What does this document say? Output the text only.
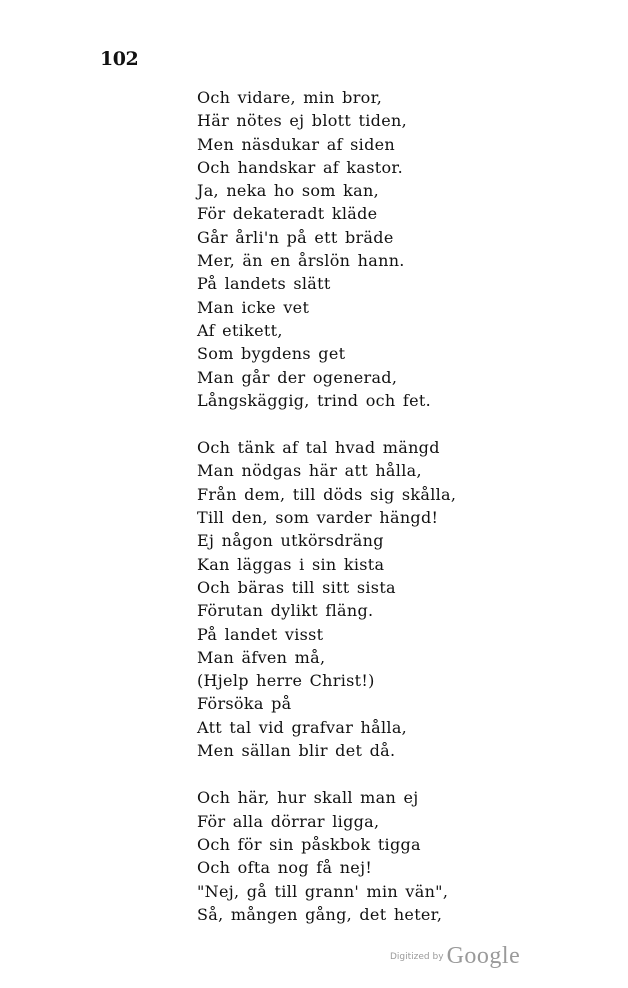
102
Och vidare, min bror,
Här nötes ej blott tiden,
Men näsdukar af siden
Och handskar af kastor.
Ja, neka ho som kan,
För dekateradt kläde
Går årli'n på ett bräde
Mer, än en årslön hann.
På landets slätt
Man icke vet
Af etikett,
Som bygdens get
Man går der ogenerad,
Långskäggig, trind och fet.
Och tänk af tal hvad mängd
Man nödgas här att hålla,
Från dem, till döds sig skålla,
Till den, som varder hängd!
Ej någon utkörsdräng
Kan läggas i sin kista
Och bäras till sitt sista
Förutan dylikt fläng.
På landet visst
Man äfven må,
(Hjelp herre Christ!)
Försöka på
Att tal vid grafvar hålla,
Men sällan blir det då.
Och här, hur skall man ej
För alla dörrar ligga,
Och för sin påskbok tigga
Och ofta nog få nej!
"Nej, gå till grann' min vän",
Så, mången gång, det heter,
Digitized by Google
